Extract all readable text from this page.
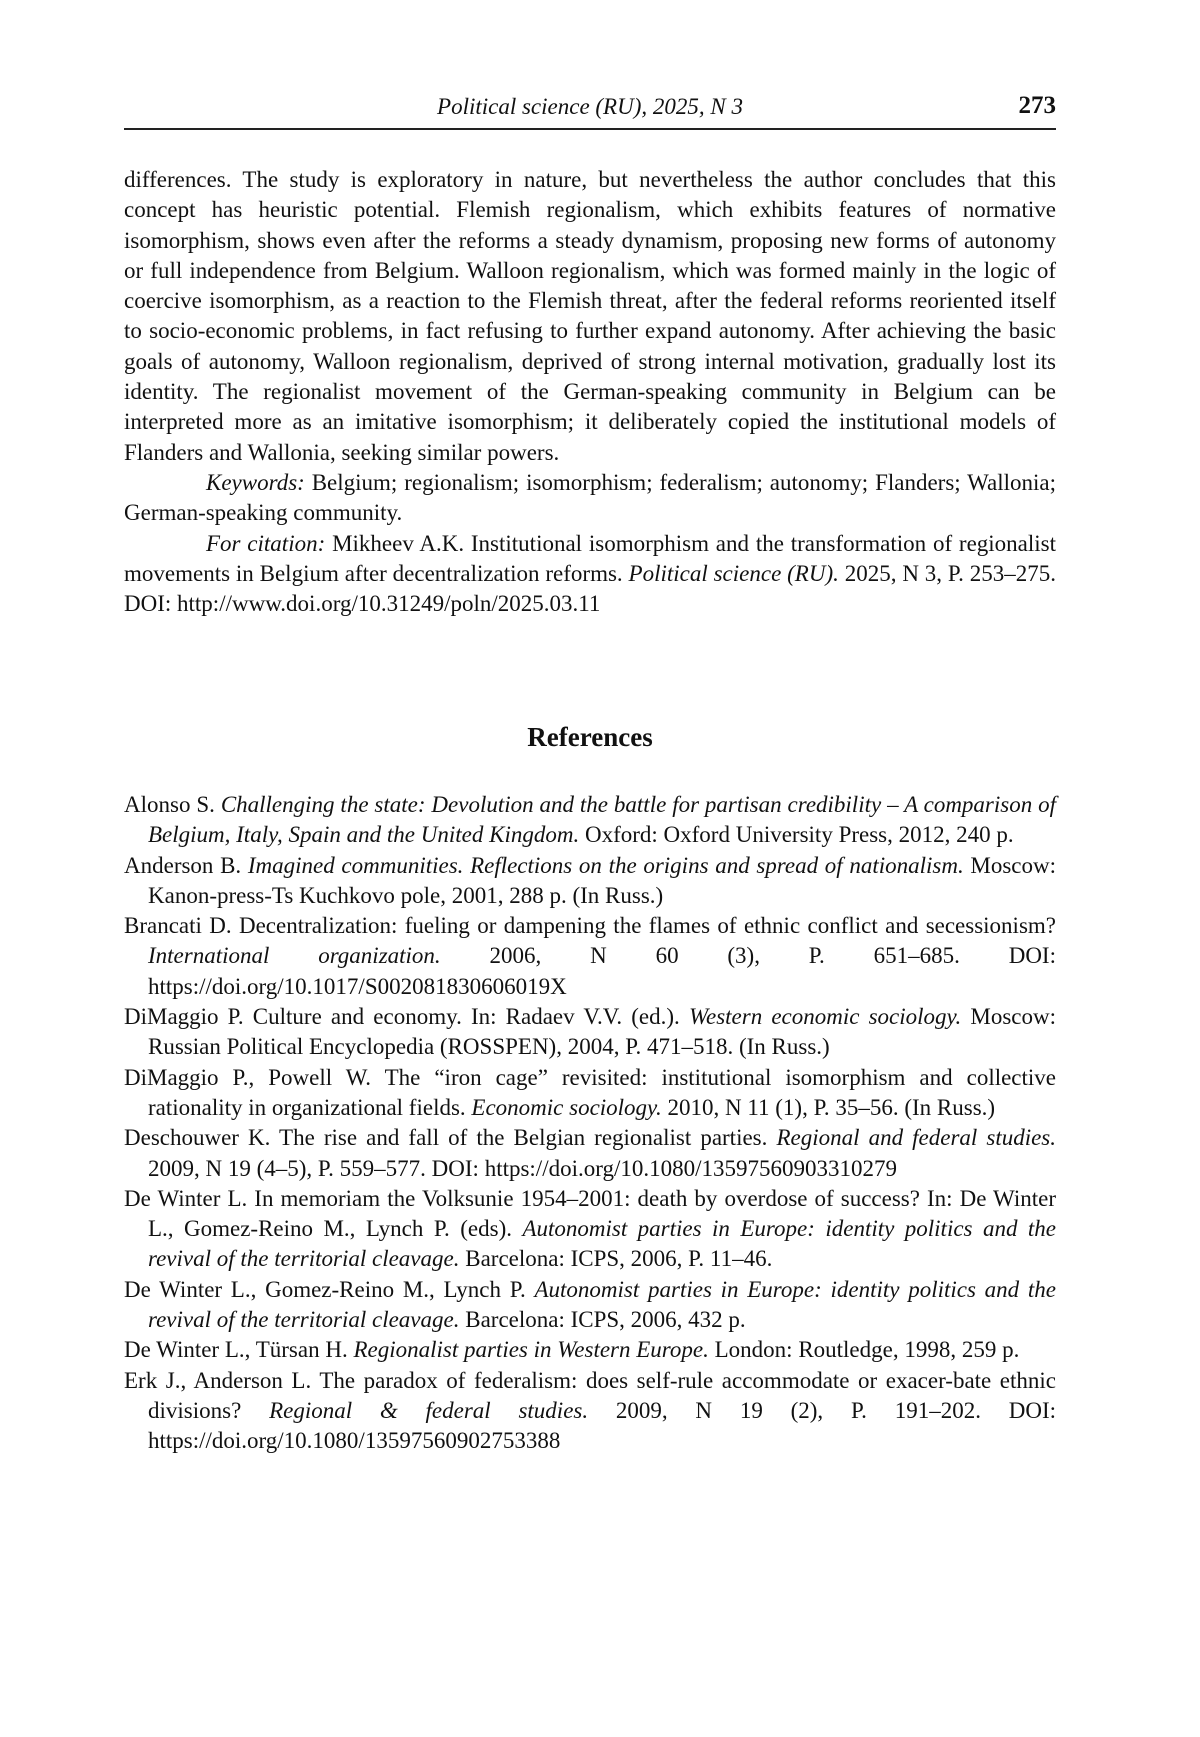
Political science (RU), 2025, N 3	273

differences. The study is exploratory in nature, but nevertheless the author concludes that this concept has heuristic potential. Flemish regionalism, which exhibits features of normative isomorphism, shows even after the reforms a steady dynamism, proposing new forms of autonomy or full independence from Belgium. Walloon regionalism, which was formed mainly in the logic of coercive isomorphism, as a reaction to the Flemish threat, after the federal reforms reoriented itself to socio-economic problems, in fact refusing to further expand autonomy. After achieving the basic goals of autonomy, Walloon regionalism, deprived of strong internal motivation, gradually lost its identity. The regionalist movement of the German-speaking community in Belgium can be interpreted more as an imitative isomorphism; it deliberately copied the institutional models of Flanders and Wallonia, seeking similar powers.

Keywords: Belgium; regionalism; isomorphism; federalism; autonomy; Flanders; Wallonia; German-speaking community.

For citation: Mikheev A.K. Institutional isomorphism and the transformation of regionalist movements in Belgium after decentralization reforms. Political science (RU). 2025, N 3, P. 253–275. DOI: http://www.doi.org/10.31249/poln/2025.03.11

References

Alonso S. Challenging the state: Devolution and the battle for partisan credibility – A comparison of Belgium, Italy, Spain and the United Kingdom. Oxford: Oxford University Press, 2012, 240 p.

Anderson B. Imagined communities. Reflections on the origins and spread of nationalism. Moscow: Kanon-press-Ts Kuchkovo pole, 2001, 288 p. (In Russ.)

Brancati D. Decentralization: fueling or dampening the flames of ethnic conflict and secessionism? International organization. 2006, N 60 (3), P. 651–685. DOI: https://doi.org/10.1017/S002081830606019X

DiMaggio P. Culture and economy. In: Radaev V.V. (ed.). Western economic sociology. Moscow: Russian Political Encyclopedia (ROSSPEN), 2004, P. 471–518. (In Russ.)

DiMaggio P., Powell W. The “iron cage” revisited: institutional isomorphism and collective rationality in organizational fields. Economic sociology. 2010, N 11 (1), P. 35–56. (In Russ.)

Deschouwer K. The rise and fall of the Belgian regionalist parties. Regional and federal studies. 2009, N 19 (4–5), P. 559–577. DOI: https://doi.org/10.1080/13597560903310279

De Winter L. In memoriam the Volksunie 1954–2001: death by overdose of success? In: De Winter L., Gomez-Reino M., Lynch P. (eds). Autonomist parties in Europe: identity politics and the revival of the territorial cleavage. Barcelona: ICPS, 2006, P. 11–46.

De Winter L., Gomez-Reino M., Lynch P. Autonomist parties in Europe: identity politics and the revival of the territorial cleavage. Barcelona: ICPS, 2006, 432 p.

De Winter L., Türsan H. Regionalist parties in Western Europe. London: Routledge, 1998, 259 p.

Erk J., Anderson L. The paradox of federalism: does self-rule accommodate or exacer-bate ethnic divisions? Regional & federal studies. 2009, N 19 (2), P. 191–202. DOI: https://doi.org/10.1080/13597560902753388
